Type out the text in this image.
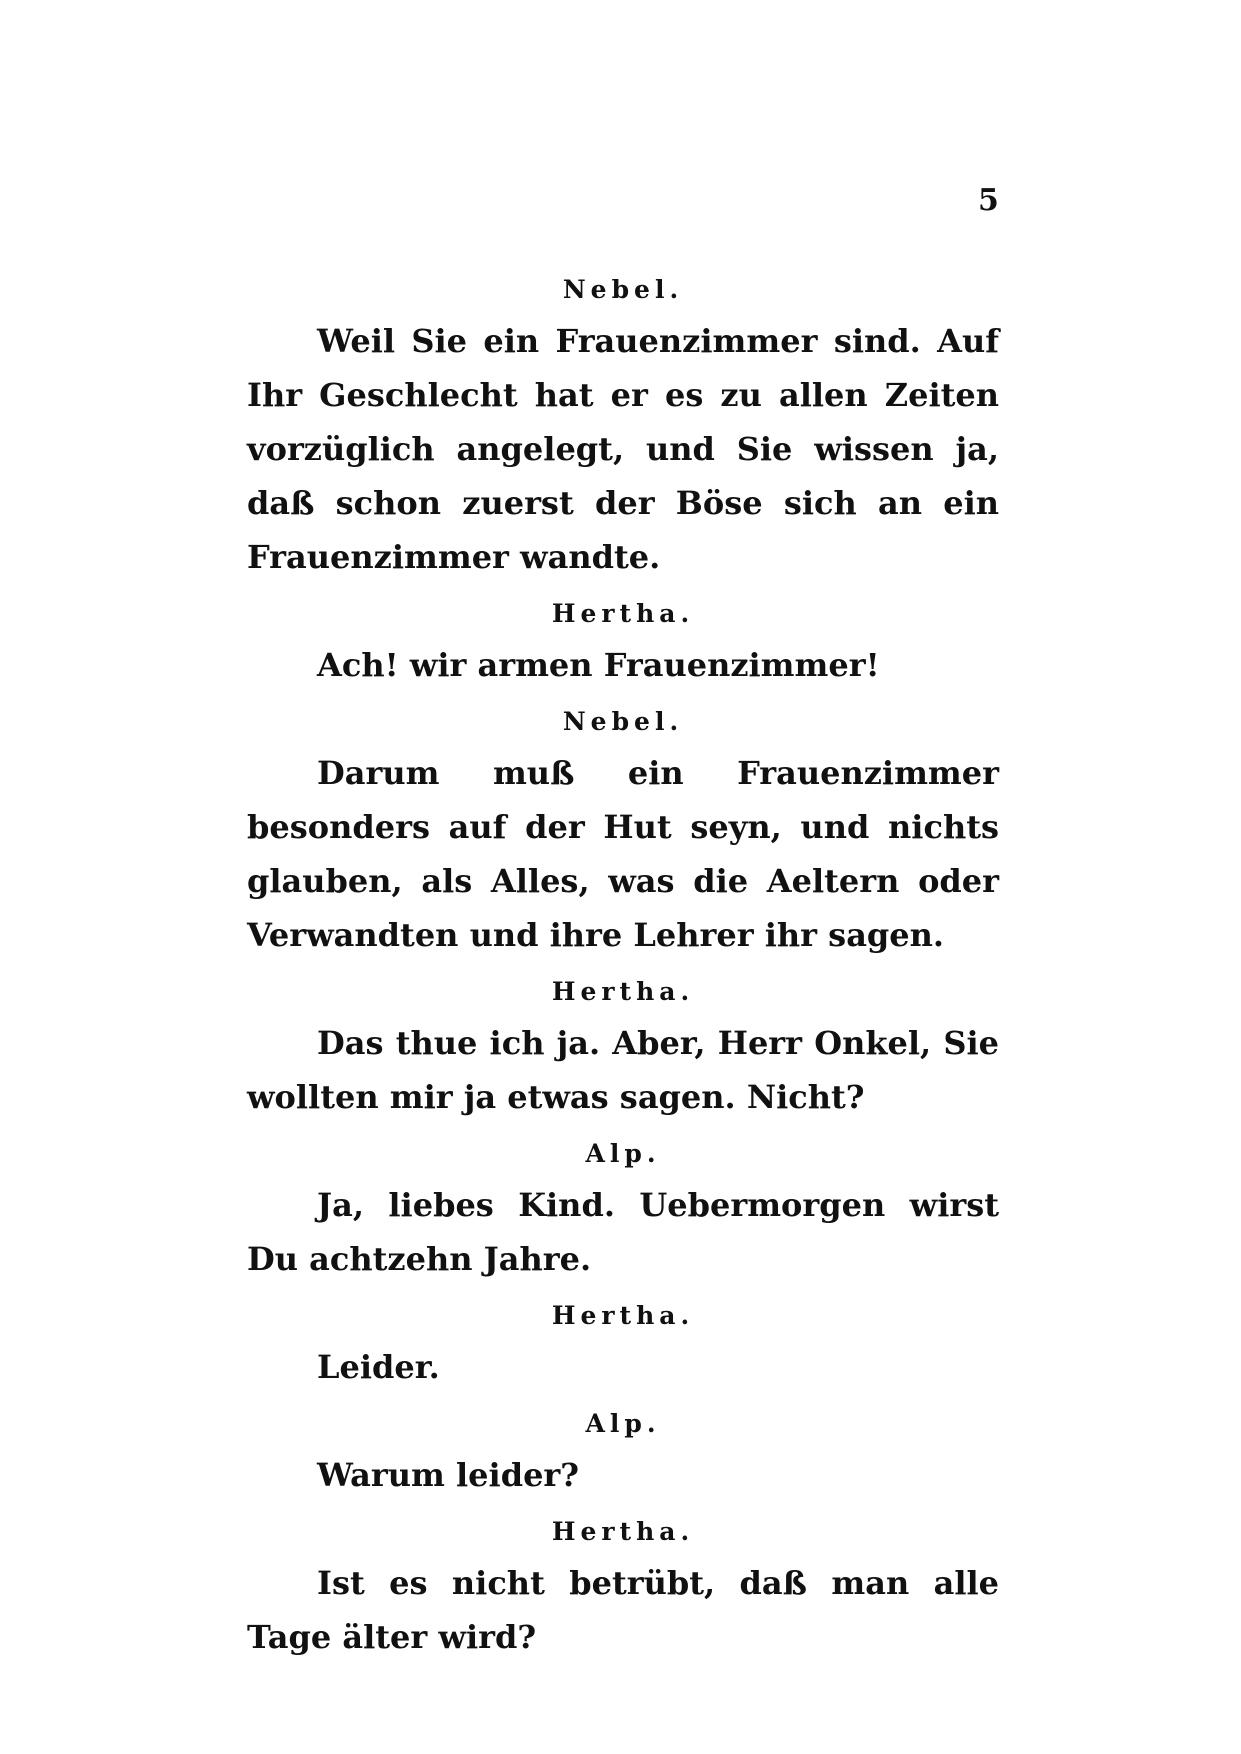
5
Nebel.

Weil Sie ein Frauenzimmer sind. Auf Ihr Geschlecht hat er es zu allen Zeiten vorzüglich angelegt, und Sie wissen ja, daß schon zuerst der Böse sich an ein Frauenzimmer wandte.

Hertha.

Ach! wir armen Frauenzimmer!

Nebel.

Darum muß ein Frauenzimmer besonders auf der Hut seyn, und nichts glauben, als Alles, was die Aeltern oder Verwandten und ihre Lehrer ihr sagen.

Hertha.

Das thue ich ja. Aber, Herr Onkel, Sie wollten mir ja etwas sagen. Nicht?

Alp.

Ja, liebes Kind. Uebermorgen wirst Du achtzehn Jahre.

Hertha.

Leider.

Alp.

Warum leider?

Hertha.

Ist es nicht betrübt, daß man alle Tage älter wird?
